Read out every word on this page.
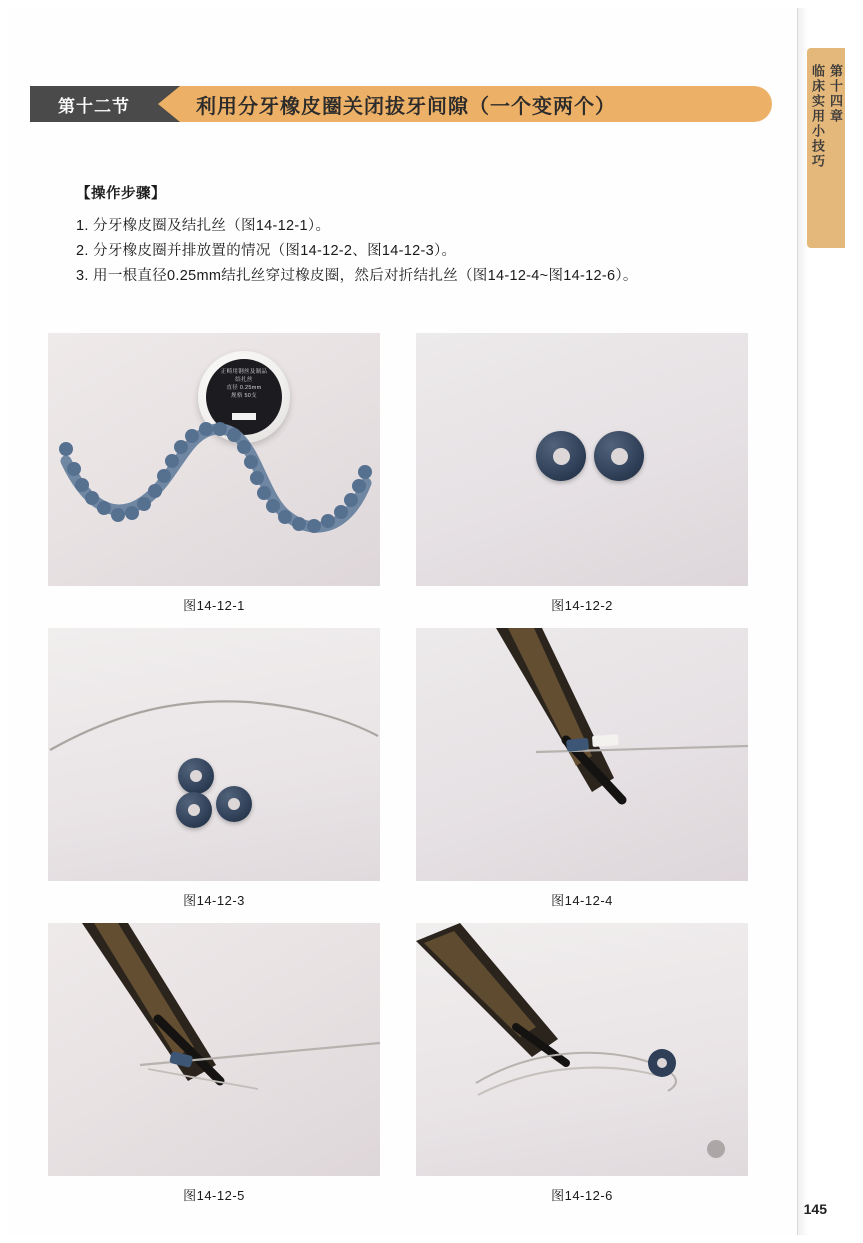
第十四章
临床实用小技巧
利用分牙橡皮圈关闭拔牙间隙（一个变两个）
第十二节
【操作步骤】
1. 分牙橡皮圈及结扎丝（图14-12-1）。
2. 分牙橡皮圈并排放置的情况（图14-12-2、图14-12-3）。
3. 用一根直径0.25mm结扎丝穿过橡皮圈，然后对折结扎丝（图14-12-4~图14-12-6）。
正畸用钢丝及制品
结扎丝
直径 0.25mm
规格 50支
图14-12-1	图14-12-2
图14-12-3	图14-12-4
图14-12-5	图14-12-6
145
